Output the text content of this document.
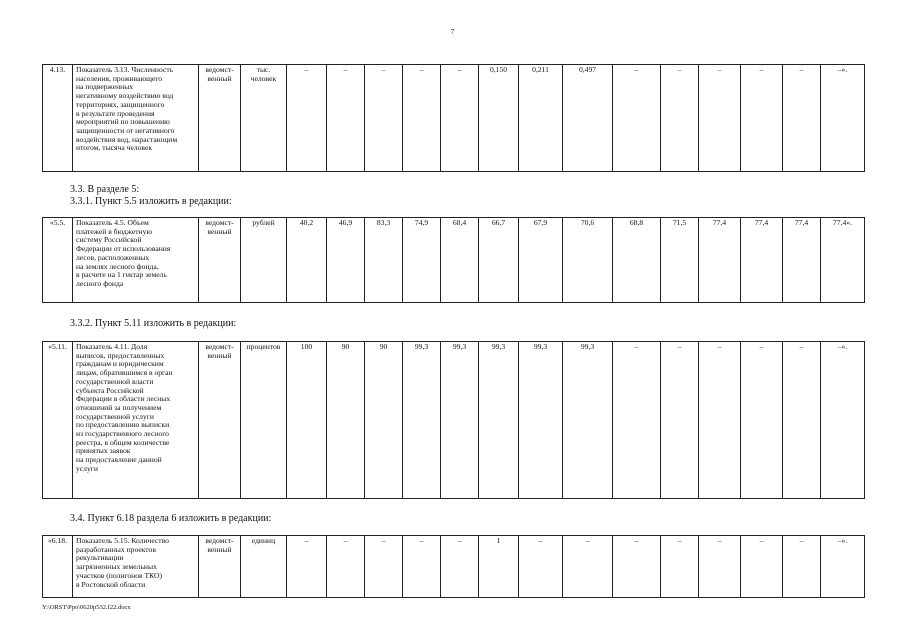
7
4.13.	Показатель 3.13. Численность
населения, проживающего
на подверженных
негативному воздействию вод
территориях, защищенного
в результате проведения
мероприятий по повышению
защищенности от негативного
воздействия вод, нарастающим
итогом, тысяча человек	ведомст-
венный	тыс.
человек	–	–	–	–	–	0,150	0,211	0,497	–	–	–	–	–	–».
3.3. В разделе 5:
3.3.1. Пункт 5.5 изложить в редакции:
«5.5.	Показатель 4.5. Объем
платежей в бюджетную
систему Российской
Федерации от использования
лесов, расположенных
на землях лесного фонда,
в расчете на 1 гектар земель
лесного фонда	ведомст-
венный	рублей	40,2	46,9	83,3	74,9	68,4	66,7	67,9	70,6	68,8	71,5	77,4	77,4	77,4	77,4».
3.3.2. Пункт 5.11 изложить в редакции:
«5.11.	Показатель 4.11. Доля
выписок, предоставленных
гражданам и юридическим
лицам, обратившимся в орган
государственной власти
субъекта Российской
Федерации в области лесных
отношений за получением
государственной услуги
по предоставлению выписки
из государственного лесного
реестра, в общем количестве
принятых заявок
на предоставление данной
услуги	ведомст-
венный	процентов	100	90	90	99,3	99,3	99,3	99,3	99,3	–	–	–	–	–	–».
3.4. Пункт 6.18 раздела 6 изложить в редакции:
«6.18.	Показатель 5.15. Количество
разработанных проектов
рекультивации
загрязненных земельных
участков (полигонов ТКО)
в Ростовской области	ведомст-
венный	единиц	–	–	–	–	–	1	–	–	–	–	–	–	–	–».
Y:\ORST\Ppo\0620p532.f22.docx
